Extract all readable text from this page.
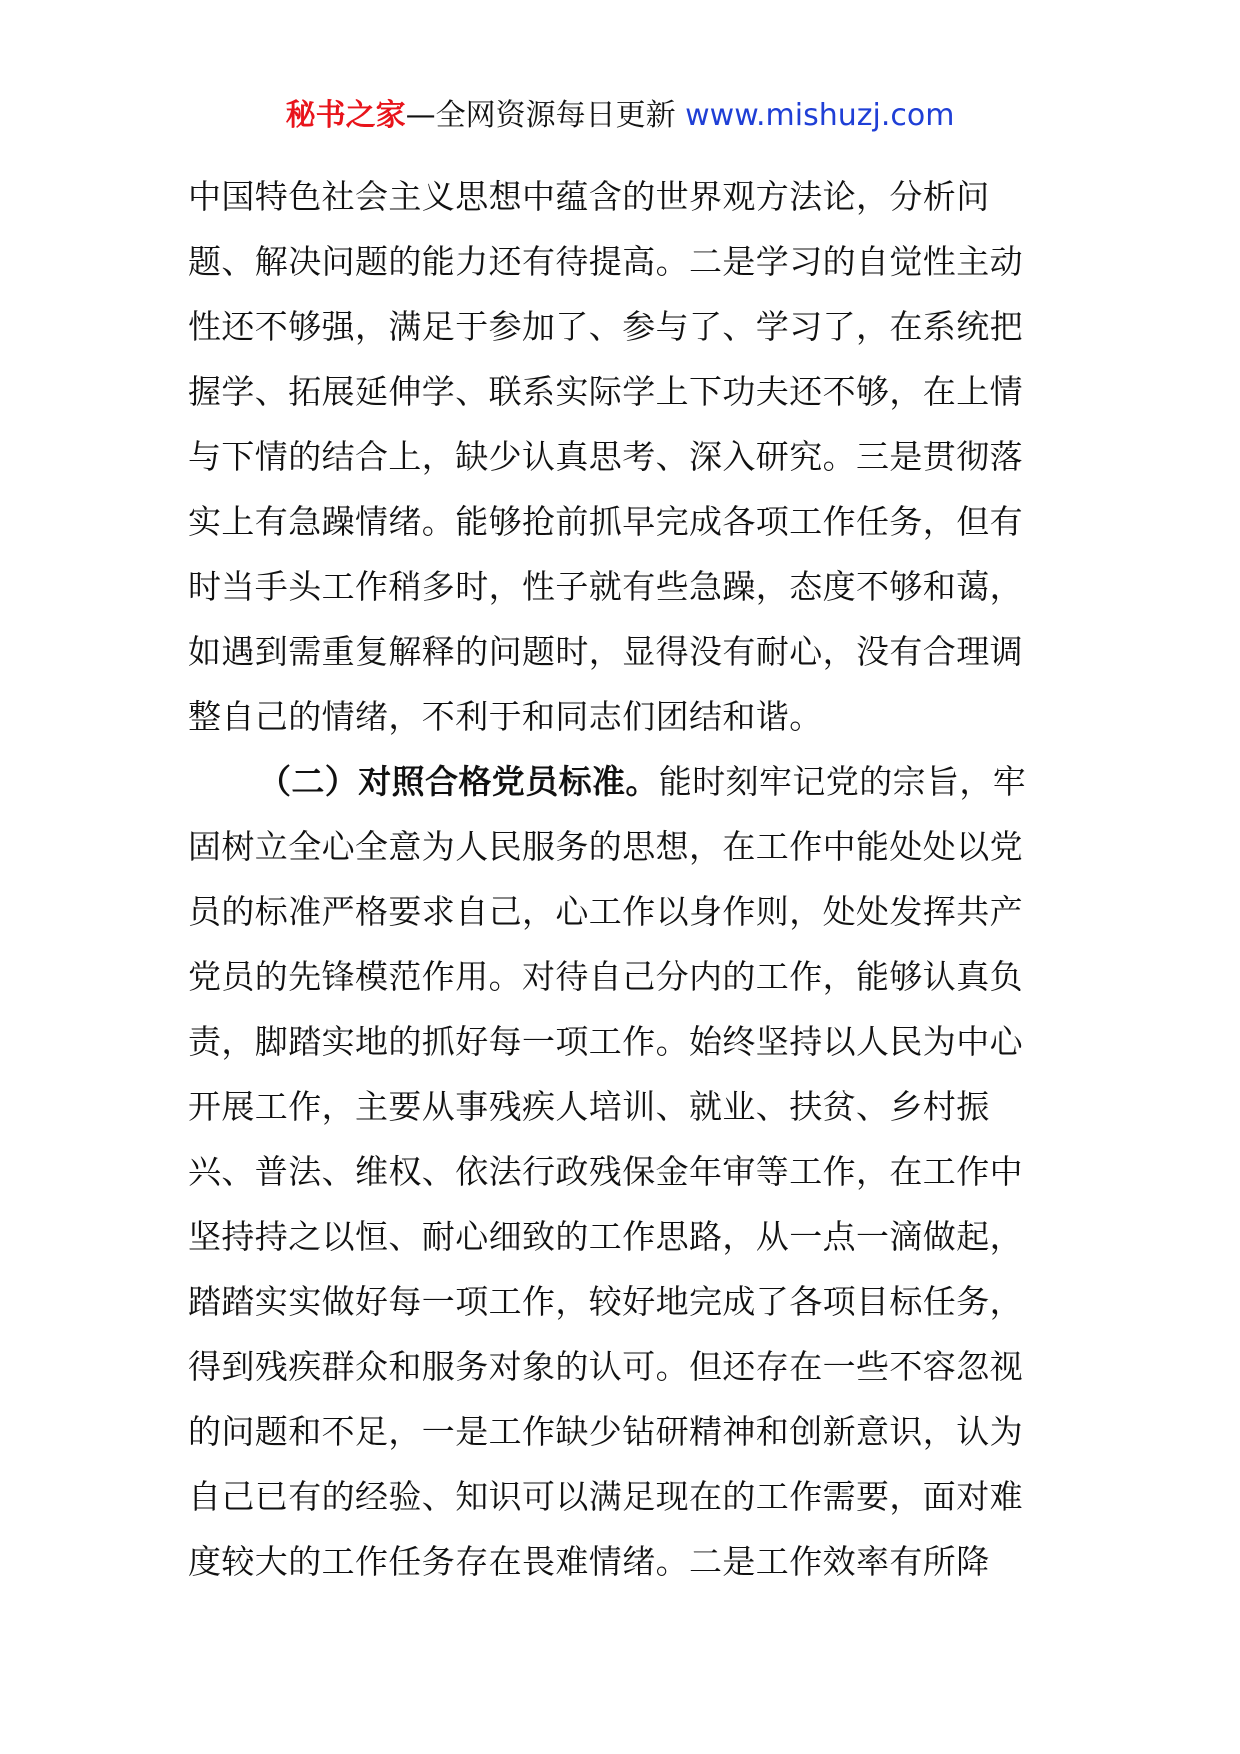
秘书之家—全网资源每日更新 www.mishuzj.com
中国特色社会主义思想中蕴含的世界观方法论，分析问
题、解决问题的能力还有待提高。二是学习的自觉性主动
性还不够强，满足于参加了、参与了、学习了，在系统把
握学、拓展延伸学、联系实际学上下功夫还不够，在上情
与下情的结合上，缺少认真思考、深入研究。三是贯彻落
实上有急躁情绪。能够抢前抓早完成各项工作任务，但有
时当手头工作稍多时，性子就有些急躁，态度不够和蔼，
如遇到需重复解释的问题时，显得没有耐心，没有合理调
整自己的情绪，不利于和同志们团结和谐。
（二）对照合格党员标准。能时刻牢记党的宗旨，牢
固树立全心全意为人民服务的思想，在工作中能处处以党
员的标准严格要求自己，心工作以身作则，处处发挥共产
党员的先锋模范作用。对待自己分内的工作，能够认真负
责，脚踏实地的抓好每一项工作。始终坚持以人民为中心
开展工作，主要从事残疾人培训、就业、扶贫、乡村振
兴、普法、维权、依法行政残保金年审等工作，在工作中
坚持持之以恒、耐心细致的工作思路，从一点一滴做起，
踏踏实实做好每一项工作，较好地完成了各项目标任务，
得到残疾群众和服务对象的认可。但还存在一些不容忽视
的问题和不足，一是工作缺少钻研精神和创新意识，认为
自己已有的经验、知识可以满足现在的工作需要，面对难
度较大的工作任务存在畏难情绪。二是工作效率有所降
